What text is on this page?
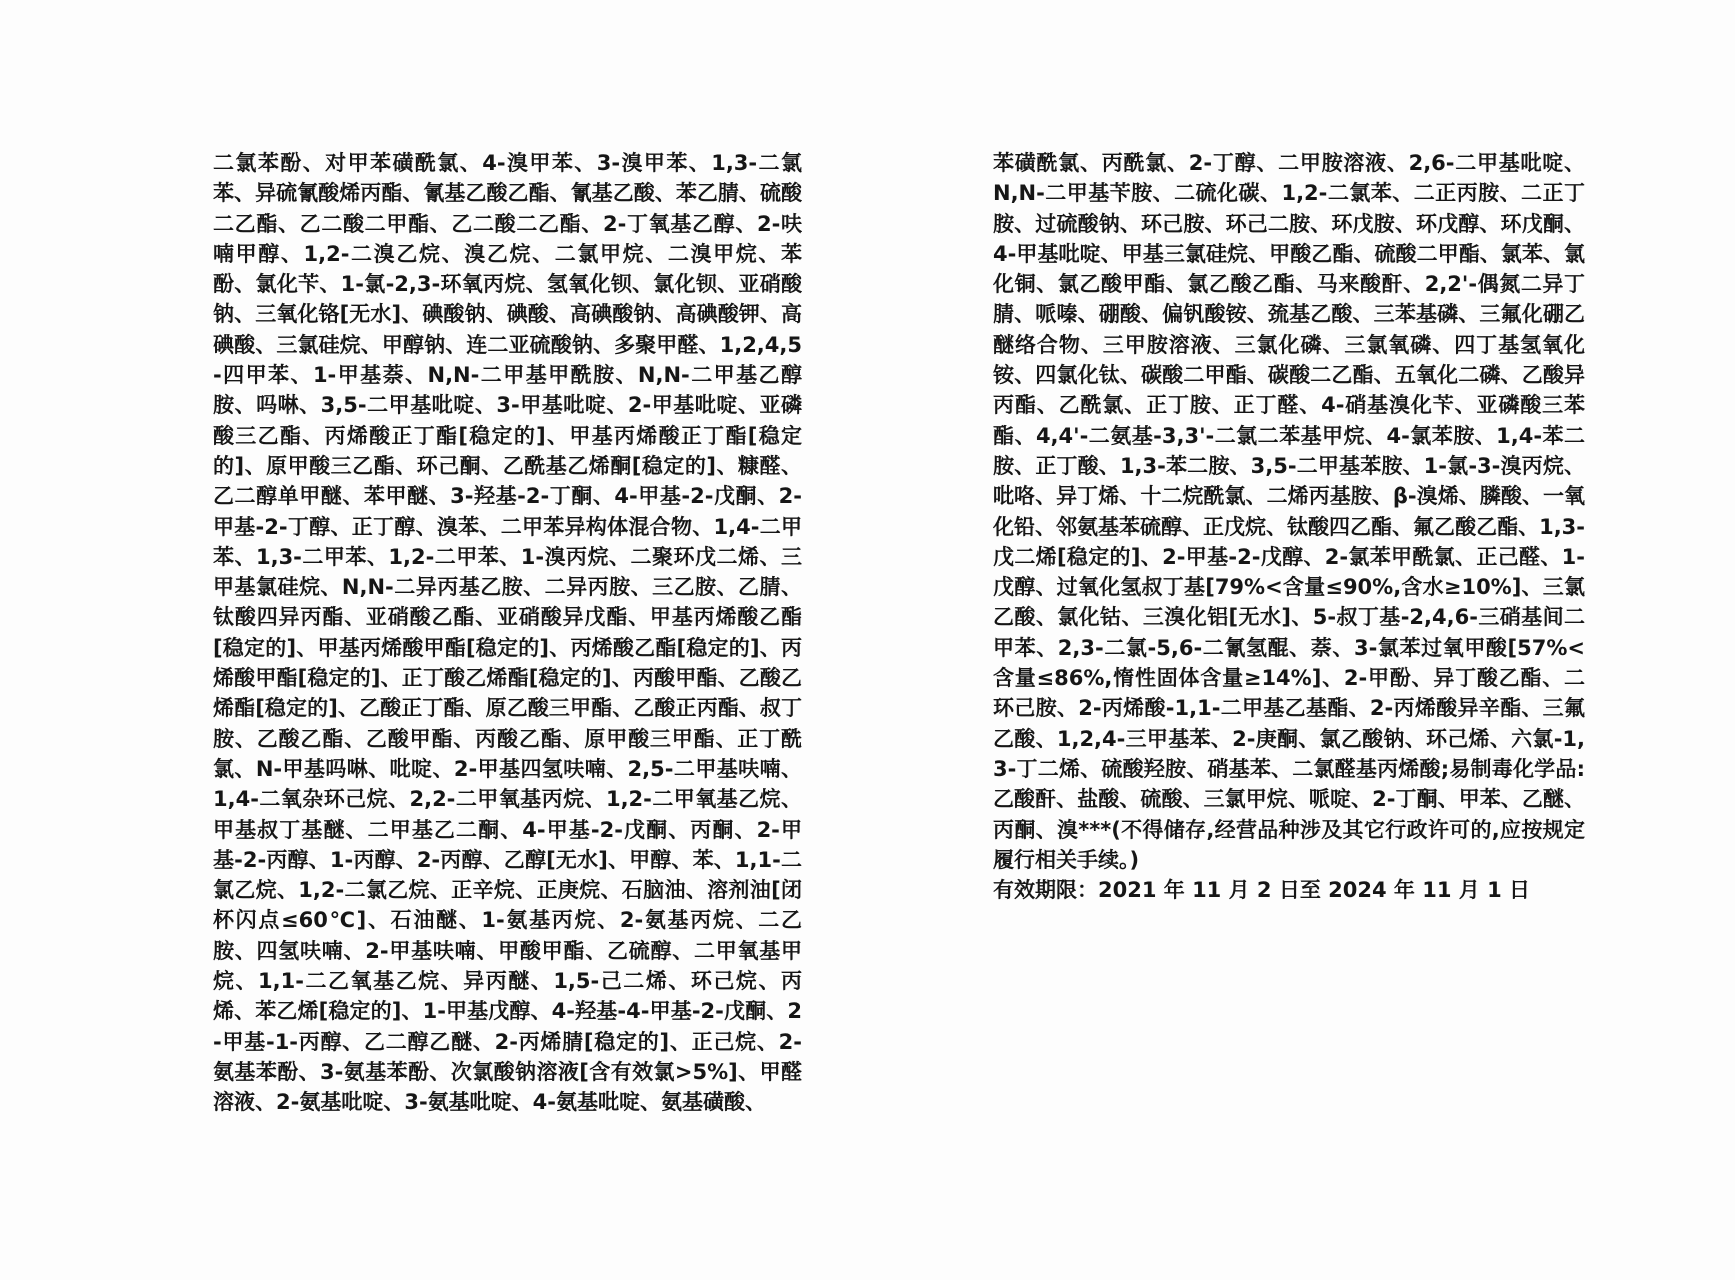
二氯苯酚、对甲苯磺酰氯、4-溴甲苯、3-溴甲苯、1,3-二氯苯、异硫氰酸烯丙酯、氰基乙酸乙酯、氰基乙酸、苯乙腈、硫酸二乙酯、乙二酸二甲酯、乙二酸二乙酯、2-丁氧基乙醇、2-呋喃甲醇、1,2-二溴乙烷、溴乙烷、二氯甲烷、二溴甲烷、苯酚、氯化苄、1-氯-2,3-环氧丙烷、氢氧化钡、氯化钡、亚硝酸钠、三氧化铬[无水]、碘酸钠、碘酸、高碘酸钠、高碘酸钾、高碘酸、三氯硅烷、甲醇钠、连二亚硫酸钠、多聚甲醛、1,2,4,5-四甲苯、1-甲基萘、N,N-二甲基甲酰胺、N,N-二甲基乙醇胺、吗啉、3,5-二甲基吡啶、3-甲基吡啶、2-甲基吡啶、亚磷酸三乙酯、丙烯酸正丁酯[稳定的]、甲基丙烯酸正丁酯[稳定的]、原甲酸三乙酯、环己酮、乙酰基乙烯酮[稳定的]、糠醛、乙二醇单甲醚、苯甲醚、3-羟基-2-丁酮、4-甲基-2-戊酮、2-甲基-2-丁醇、正丁醇、溴苯、二甲苯异构体混合物、1,4-二甲苯、1,3-二甲苯、1,2-二甲苯、1-溴丙烷、二聚环戊二烯、三甲基氯硅烷、N,N-二异丙基乙胺、二异丙胺、三乙胺、乙腈、钛酸四异丙酯、亚硝酸乙酯、亚硝酸异戊酯、甲基丙烯酸乙酯[稳定的]、甲基丙烯酸甲酯[稳定的]、丙烯酸乙酯[稳定的]、丙烯酸甲酯[稳定的]、正丁酸乙烯酯[稳定的]、丙酸甲酯、乙酸乙烯酯[稳定的]、乙酸正丁酯、原乙酸三甲酯、乙酸正丙酯、叔丁胺、乙酸乙酯、乙酸甲酯、丙酸乙酯、原甲酸三甲酯、正丁酰氯、N-甲基吗啉、吡啶、2-甲基四氢呋喃、2,5-二甲基呋喃、1,4-二氧杂环己烷、2,2-二甲氧基丙烷、1,2-二甲氧基乙烷、甲基叔丁基醚、二甲基乙二酮、4-甲基-2-戊酮、丙酮、2-甲基-2-丙醇、1-丙醇、2-丙醇、乙醇[无水]、甲醇、苯、1,1-二氯乙烷、1,2-二氯乙烷、正辛烷、正庚烷、石脑油、溶剂油[闭杯闪点≤60℃]、石油醚、1-氨基丙烷、2-氨基丙烷、二乙胺、四氢呋喃、2-甲基呋喃、甲酸甲酯、乙硫醇、二甲氧基甲烷、1,1-二乙氧基乙烷、异丙醚、1,5-己二烯、环己烷、丙烯、苯乙烯[稳定的]、1-甲基戊醇、4-羟基-4-甲基-2-戊酮、2-甲基-1-丙醇、乙二醇乙醚、2-丙烯腈[稳定的]、正己烷、2-氨基苯酚、3-氨基苯酚、次氯酸钠溶液[含有效氯>5%]、甲醛溶液、2-氨基吡啶、3-氨基吡啶、4-氨基吡啶、氨基磺酸、

苯磺酰氯、丙酰氯、2-丁醇、二甲胺溶液、2,6-二甲基吡啶、N,N-二甲基苄胺、二硫化碳、1,2-二氯苯、二正丙胺、二正丁胺、过硫酸钠、环己胺、环己二胺、环戊胺、环戊醇、环戊酮、4-甲基吡啶、甲基三氯硅烷、甲酸乙酯、硫酸二甲酯、氯苯、氯化铜、氯乙酸甲酯、氯乙酸乙酯、马来酸酐、2,2'-偶氮二异丁腈、哌嗪、硼酸、偏钒酸铵、巯基乙酸、三苯基磷、三氟化硼乙醚络合物、三甲胺溶液、三氯化磷、三氯氧磷、四丁基氢氧化铵、四氯化钛、碳酸二甲酯、碳酸二乙酯、五氧化二磷、乙酸异丙酯、乙酰氯、正丁胺、正丁醛、4-硝基溴化苄、亚磷酸三苯酯、4,4'-二氨基-3,3'-二氯二苯基甲烷、4-氯苯胺、1,4-苯二胺、正丁酸、1,3-苯二胺、3,5-二甲基苯胺、1-氯-3-溴丙烷、吡咯、异丁烯、十二烷酰氯、二烯丙基胺、β-溴烯、膦酸、一氧化铅、邻氨基苯硫醇、正戊烷、钛酸四乙酯、氟乙酸乙酯、1,3-戊二烯[稳定的]、2-甲基-2-戊醇、2-氯苯甲酰氯、正己醛、1-戊醇、过氧化氢叔丁基[79%<含量≤90%,含水≥10%]、三氯乙酸、氯化钴、三溴化铝[无水]、5-叔丁基-2,4,6-三硝基间二甲苯、2,3-二氯-5,6-二氰氢醌、萘、3-氯苯过氧甲酸[57%<含量≤86%,惰性固体含量≥14%]、2-甲酚、异丁酸乙酯、二环己胺、2-丙烯酸-1,1-二甲基乙基酯、2-丙烯酸异辛酯、三氟乙酸、1,2,4-三甲基苯、2-庚酮、氯乙酸钠、环己烯、六氯-1,3-丁二烯、硫酸羟胺、硝基苯、二氯醛基丙烯酸;易制毒化学品:乙酸酐、盐酸、硫酸、三氯甲烷、哌啶、2-丁酮、甲苯、乙醚、丙酮、溴***(不得储存,经营品种涉及其它行政许可的,应按规定履行相关手续。)

有效期限：2021 年 11 月 2 日至 2024 年 11 月 1 日
